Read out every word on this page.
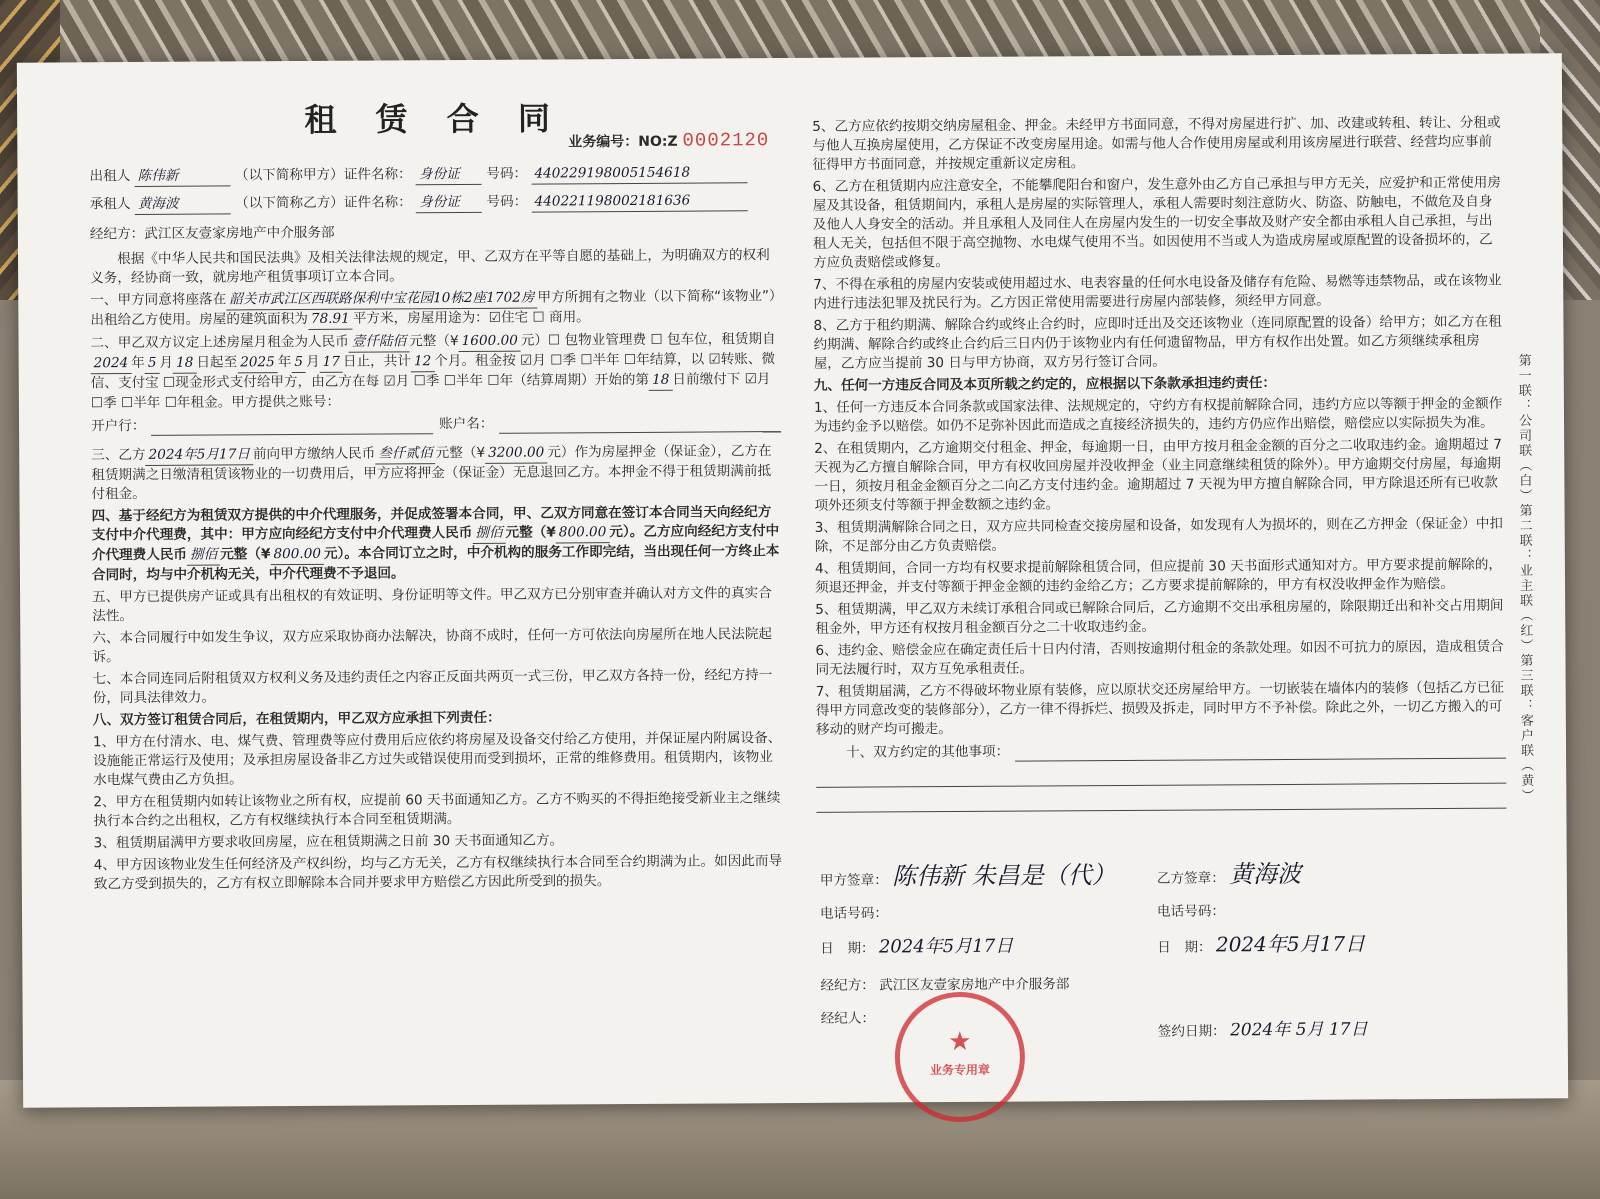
租 赁 合 同
业务编号：NO:Z 0002120

出租人 陈伟新	（以下简称甲方）证件名称： 身份证 号码： 440229198005154618

承租人 黄海波	（以下简称乙方）证件名称： 身份证 号码： 440221198002181636

经纪方：武江区友壹家房地产中介服务部

根据《中华人民共和国民法典》及相关法律法规的规定，甲、乙双方在平等自愿的基础上，为明确双方的权利义务，经协商一致，就房地产租赁事项订立本合同。

一、甲方同意将座落在 韶关市武江区西联路保利中宝花园10栋2座1702房 甲方所拥有之物业（以下简称“该物业”）出租给乙方使用。房屋的建筑面积为 78.91 平方米，房屋用途为：☑住宅 ☐ 商用。

二、甲乙双方议定上述房屋月租金为人民币 壹仟陆佰 元整（¥ 1600.00 元）☐ 包物业管理费 ☐ 包车位，租赁期自 2024 年 5 月 18 日起至 2025 年 5 月 17 日止，共计 12 个月。租金按 ☑月 ☐季 ☐半年 ☐年结算，以 ☑转账、微信、支付宝 ☐现金形式支付给甲方，由乙方在每 ☑月 ☐季 ☐半年 ☐年（结算周期）开始的第 18 日前缴付下 ☑月 ☐季 ☐半年 ☐年租金。甲方提供之账号：

开户行：	账户名：

三、乙方 2024年5月17日 前向甲方缴纳人民币 叁仟贰佰 元整（¥ 3200.00 元）作为房屋押金（保证金），乙方在租赁期满之日缴清租赁该物业的一切费用后，甲方应将押金（保证金）无息退回乙方。本押金不得于租赁期满前抵付租金。

四、基于经纪方为租赁双方提供的中介代理服务，并促成签署本合同，甲、乙双方同意在签订本合同当天向经纪方支付中介代理费，其中：甲方应向经纪方支付中介代理费人民币 捌佰 元整（¥ 800.00 元）。乙方应向经纪方支付中介代理费人民币 捌佰 元整（¥ 800.00 元）。本合同订立之时，中介机构的服务工作即完结，当出现任何一方终止本合同时，均与中介机构无关，中介代理费不予退回。

五、甲方已提供房产证或具有出租权的有效证明、身份证明等文件。甲乙双方已分别审查并确认对方文件的真实合法性。

六、本合同履行中如发生争议，双方应采取协商办法解决，协商不成时，任何一方可依法向房屋所在地人民法院起诉。

七、本合同连同后附租赁双方权利义务及违约责任之内容正反面共两页一式三份，甲乙双方各持一份，经纪方持一份，同具法律效力。

八、双方签订租赁合同后，在租赁期内，甲乙双方应承担下列责任：

1、甲方在付清水、电、煤气费、管理费等应付费用后应依约将房屋及设备交付给乙方使用，并保证屋内附属设备、设施能正常运行及使用；及承担房屋设备非乙方过失或错误使用而受到损坏，正常的维修费用。租赁期内，该物业水电煤气费由乙方负担。

2、甲方在租赁期内如转让该物业之所有权，应提前 60 天书面通知乙方。乙方不购买的不得拒绝接受新业主之继续执行本合约之出租权，乙方有权继续执行本合同至租赁期满。

3、租赁期届满甲方要求收回房屋，应在租赁期满之日前 30 天书面通知乙方。

4、甲方因该物业发生任何经济及产权纠纷，均与乙方无关，乙方有权继续执行本合同至合约期满为止。如因此而导致乙方受到损失的，乙方有权立即解除本合同并要求甲方赔偿乙方因此所受到的损失。

5、乙方应依约按期交纳房屋租金、押金。未经甲方书面同意，不得对房屋进行扩、加、改建或转租、转让、分租或与他人互换房屋使用，乙方保证不改变房屋用途。如需与他人合作使用房屋或利用该房屋进行联营、经营均应事前征得甲方书面同意，并按规定重新议定房租。

6、乙方在租赁期内应注意安全，不能攀爬阳台和窗户，发生意外由乙方自己承担与甲方无关，应爱护和正常使用房屋及其设备，租赁期间内，承租人是房屋的实际管理人，承租人需要时刻注意防火、防盗、防触电，不做危及自身及他人人身安全的活动。并且承租人及同住人在房屋内发生的一切安全事故及财产安全都由承租人自己承担，与出租人无关，包括但不限于高空抛物、水电煤气使用不当。如因使用不当或人为造成房屋或原配置的设备损坏的，乙方应负责赔偿或修复。

7、不得在承租的房屋内安装或使用超过水、电表容量的任何水电设备及储存有危险、易燃等违禁物品，或在该物业内进行违法犯罪及扰民行为。乙方因正常使用需要进行房屋内部装修，须经甲方同意。

8、乙方于租约期满、解除合约或终止合约时，应即时迁出及交还该物业（连同原配置的设备）给甲方；如乙方在租约期满、解除合约或终止合约后三日内仍于该物业内有任何遗留物品，甲方有权作出处置。如乙方须继续承租房屋，乙方应当提前 30 日与甲方协商，双方另行签订合同。

九、任何一方违反合同及本页所载之约定的，应根据以下条款承担违约责任：

1、任何一方违反本合同条款或国家法律、法规规定的，守约方有权提前解除合同，违约方应以等额于押金的金额作为违约金予以赔偿。如仍不足弥补因此而造成之直接经济损失的，违约方仍应作出赔偿，赔偿应以实际损失为准。

2、在租赁期内，乙方逾期交付租金、押金，每逾期一日，由甲方按月租金金额的百分之二收取违约金。逾期超过 7 天视为乙方擅自解除合同，甲方有权收回房屋并没收押金（业主同意继续租赁的除外）。甲方逾期交付房屋，每逾期一日，须按月租金金额百分之二向乙方支付违约金。逾期超过 7 天视为甲方擅自解除合同，甲方除退还所有已收款项外还须支付等额于押金数额之违约金。

3、租赁期满解除合同之日，双方应共同检查交接房屋和设备，如发现有人为损坏的，则在乙方押金（保证金）中扣除，不足部分由乙方负责赔偿。

4、租赁期间，合同一方均有权要求提前解除租赁合同，但应提前 30 天书面形式通知对方。甲方要求提前解除的，须退还押金，并支付等额于押金金额的违约金给乙方；乙方要求提前解除的，甲方有权没收押金作为赔偿。

5、租赁期满，甲乙双方未续订承租合同或已解除合同后，乙方逾期不交出承租房屋的，除限期迁出和补交占用期间租金外，甲方还有权按月租金额百分之二十收取违约金。

6、违约金、赔偿金应在确定责任后十日内付清，否则按逾期付租金的条款处理。如因不可抗力的原因，造成租赁合同无法履行时，双方互免承租责任。

7、租赁期届满，乙方不得破坏物业原有装修，应以原状交还房屋给甲方。一切嵌装在墙体内的装修（包括乙方已征得甲方同意改变的装修部分），乙方一律不得拆烂、损毁及拆走，同时甲方不予补偿。除此之外，一切乙方搬入的可移动的财产均可搬走。

十、双方约定的其他事项：
甲方签章： 陈伟新 朱昌是（代）
电话号码：
日　期： 2024年5月17日
经纪方： 武江区友壹家房地产中介服务部
经纪人：
乙方签章： 黄海波
电话号码：
日　期： 2024年5月17日
签约日期： 2024年 5月 17日
★
业务专用章
第一联：公司联（白）
第二联：业主联（红）
第三联：客户联（黄）
